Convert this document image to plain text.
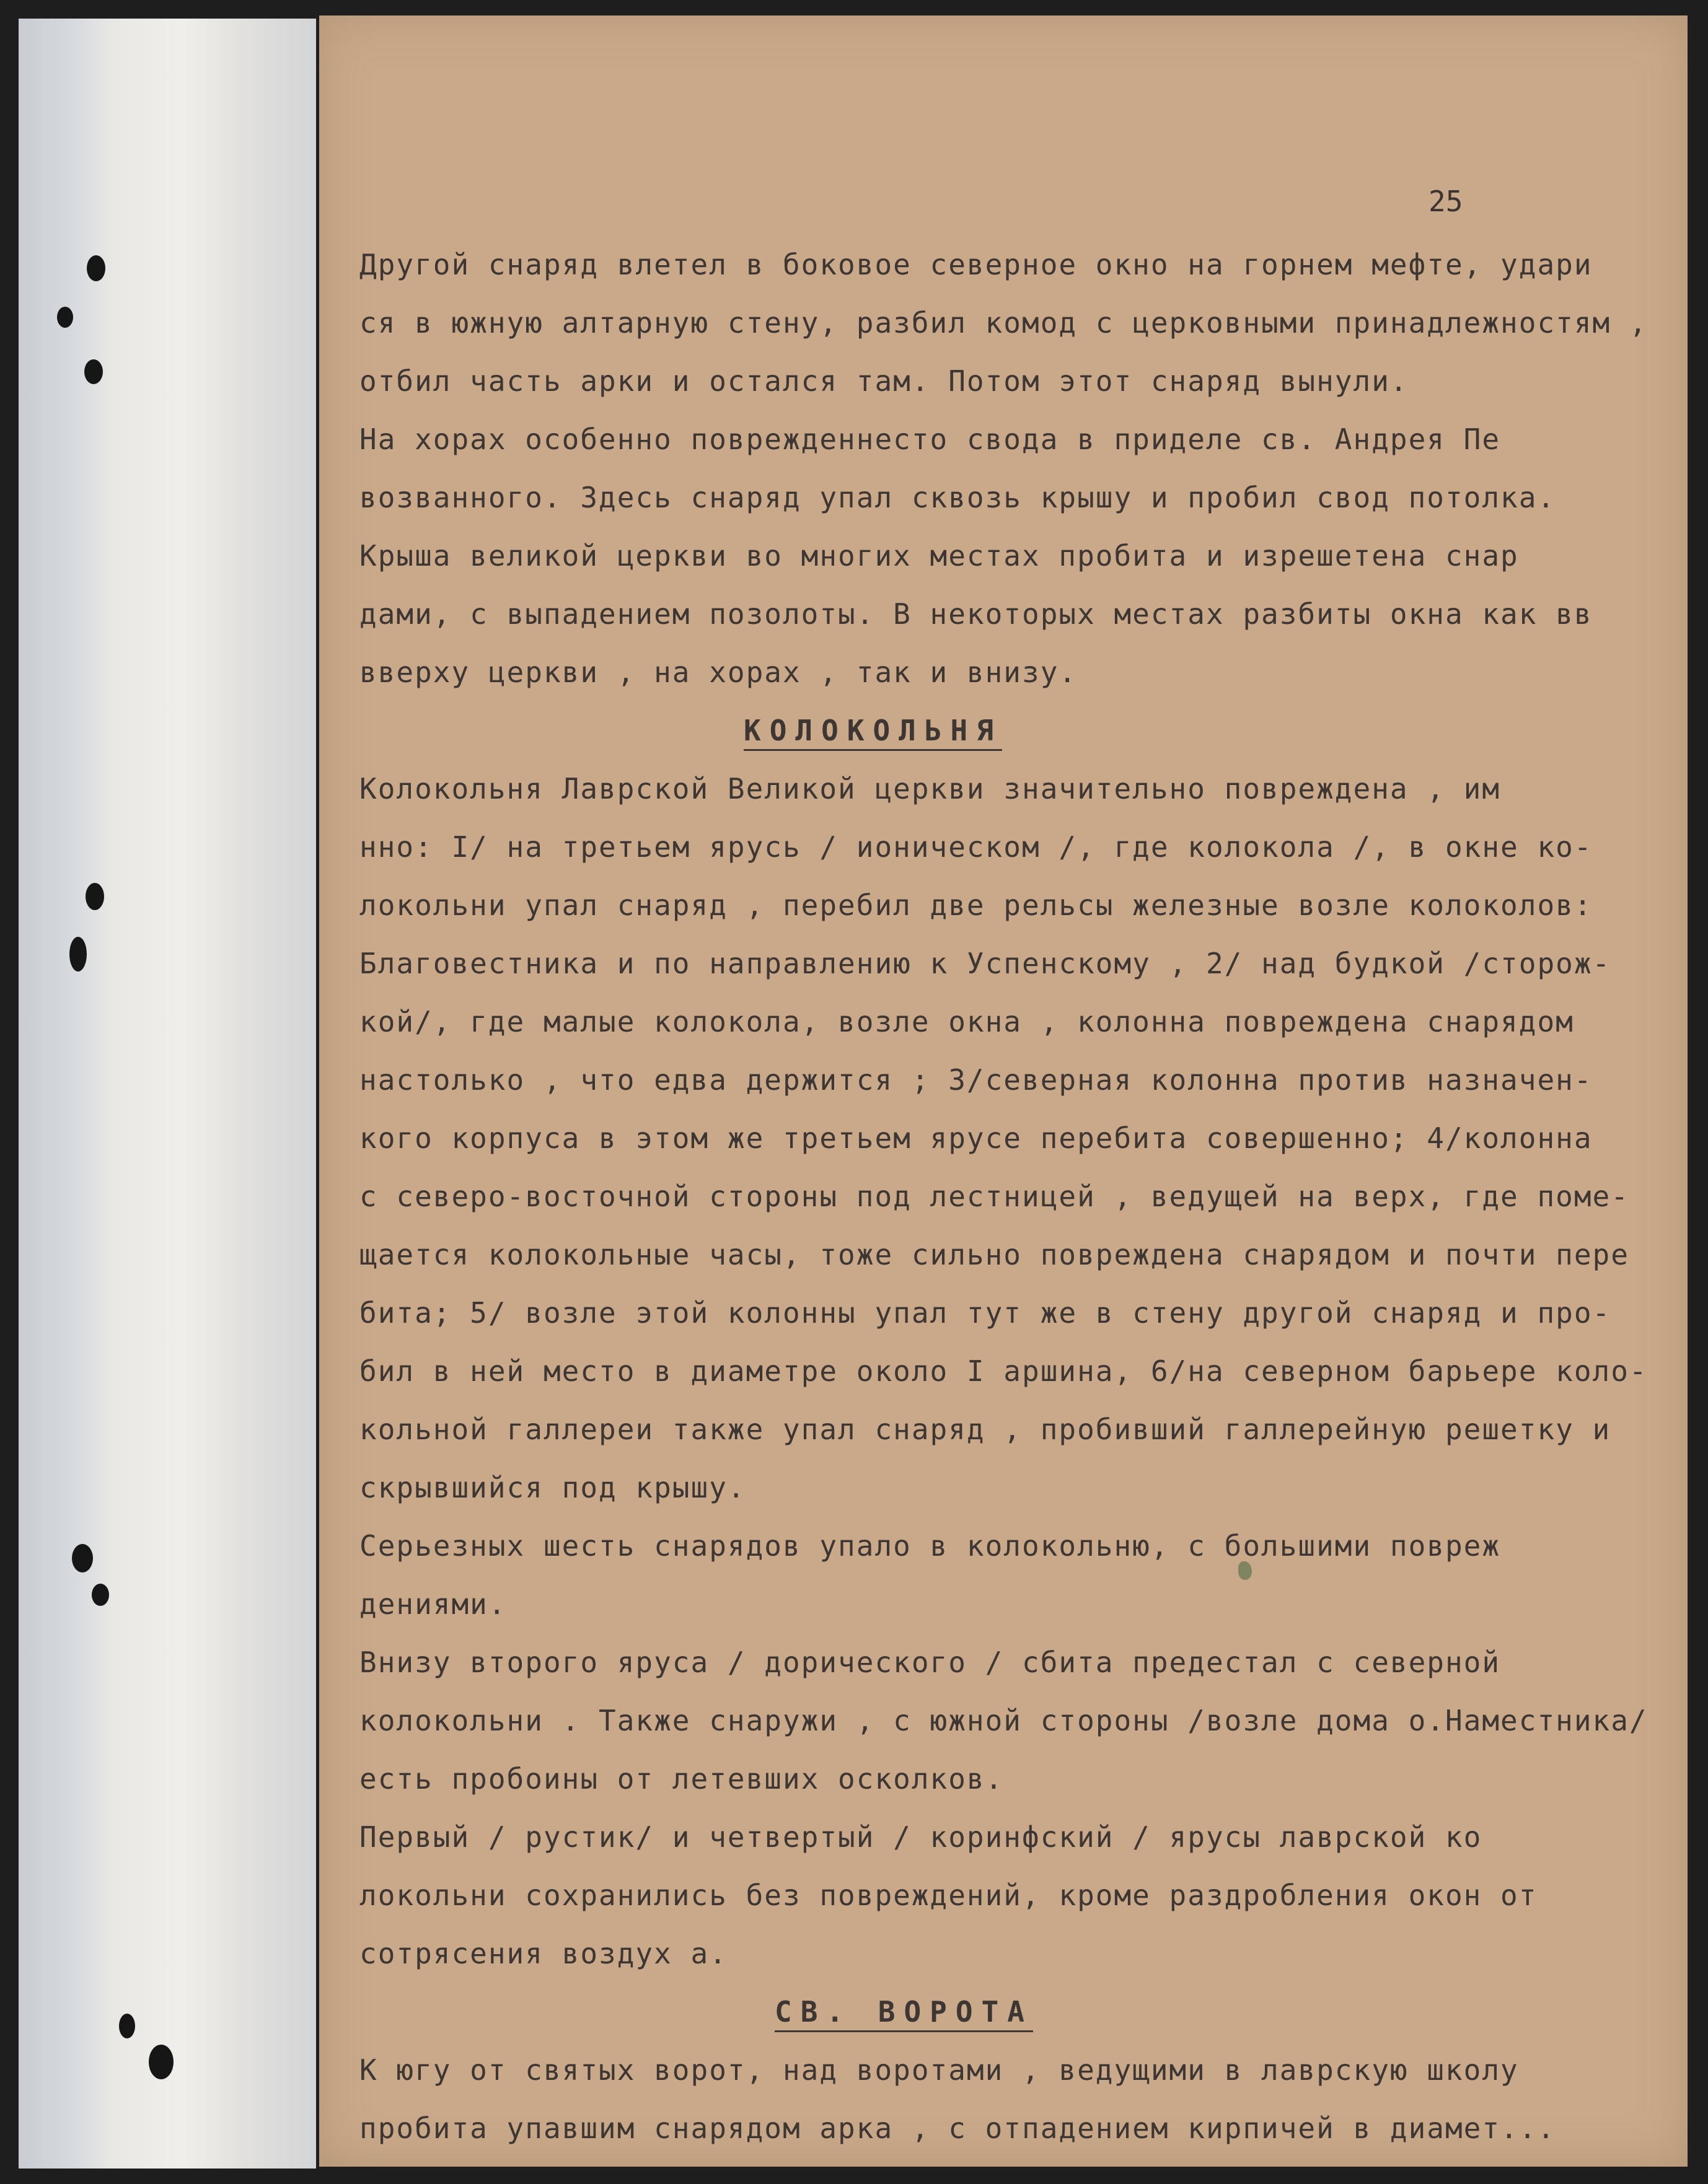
25
Другой снаряд влетел в боковое северное окно на горнем мефте, удари
ся в южную алтарную стену, разбил комод с церковными принадлежностям ,
отбил часть арки и остался там. Потом этот снаряд вынули.
На хорах особенно поврежденнесто свода в приделе св. Андрея Пе
возванного. Здесь снаряд упал сквозь крышу и пробил свод потолка.
Крыша великой церкви во многих местах пробита и изрешетена снар
дами, с выпадением позолоты. В некоторых местах разбиты окна как вв
вверху церкви , на хорах , так и внизу.
КОЛОКОЛЬНЯ
Колокольня Лаврской Великой церкви значительно повреждена , им
нно: I/ на третьем ярусь / ионическом /, где колокола /, в окне ко-
локольни упал снаряд , перебил две рельсы железные возле колоколов:
Благовестника и по направлению к Успенскому , 2/ над будкой /сторож-
кой/, где малые колокола, возле окна , колонна повреждена снарядом
настолько , что едва держится ; 3/северная колонна против назначен-
кого корпуса в этом же третьем ярусе перебита совершенно; 4/колонна
с северо-восточной стороны под лестницей , ведущей на верх, где поме-
щается колокольные часы, тоже сильно повреждена снарядом и почти пере
бита; 5/ возле этой колонны упал тут же в стену другой снаряд и про-
бил в ней место в диаметре около I аршина, 6/на северном барьере коло-
кольной галлереи также упал снаряд , пробивший галлерейную решетку и
скрывшийся под крышу.
Серьезных шесть снарядов упало в колокольню, с большими повреж
дениями.
Внизу второго яруса / дорического / сбита предестал с северной
колокольни . Также снаружи , с южной стороны /возле дома о.Наместника/
есть пробоины от летевших осколков.
Первый / рустик/ и четвертый / коринфский / ярусы лаврской ко
локольни сохранились без повреждений, кроме раздробления окон от
сотрясения воздух а.
СВ. ВОРОТА
К югу от святых ворот, над воротами , ведущими в лаврскую школу
пробита упавшим снарядом арка , с отпадением кирпичей в диамет...
